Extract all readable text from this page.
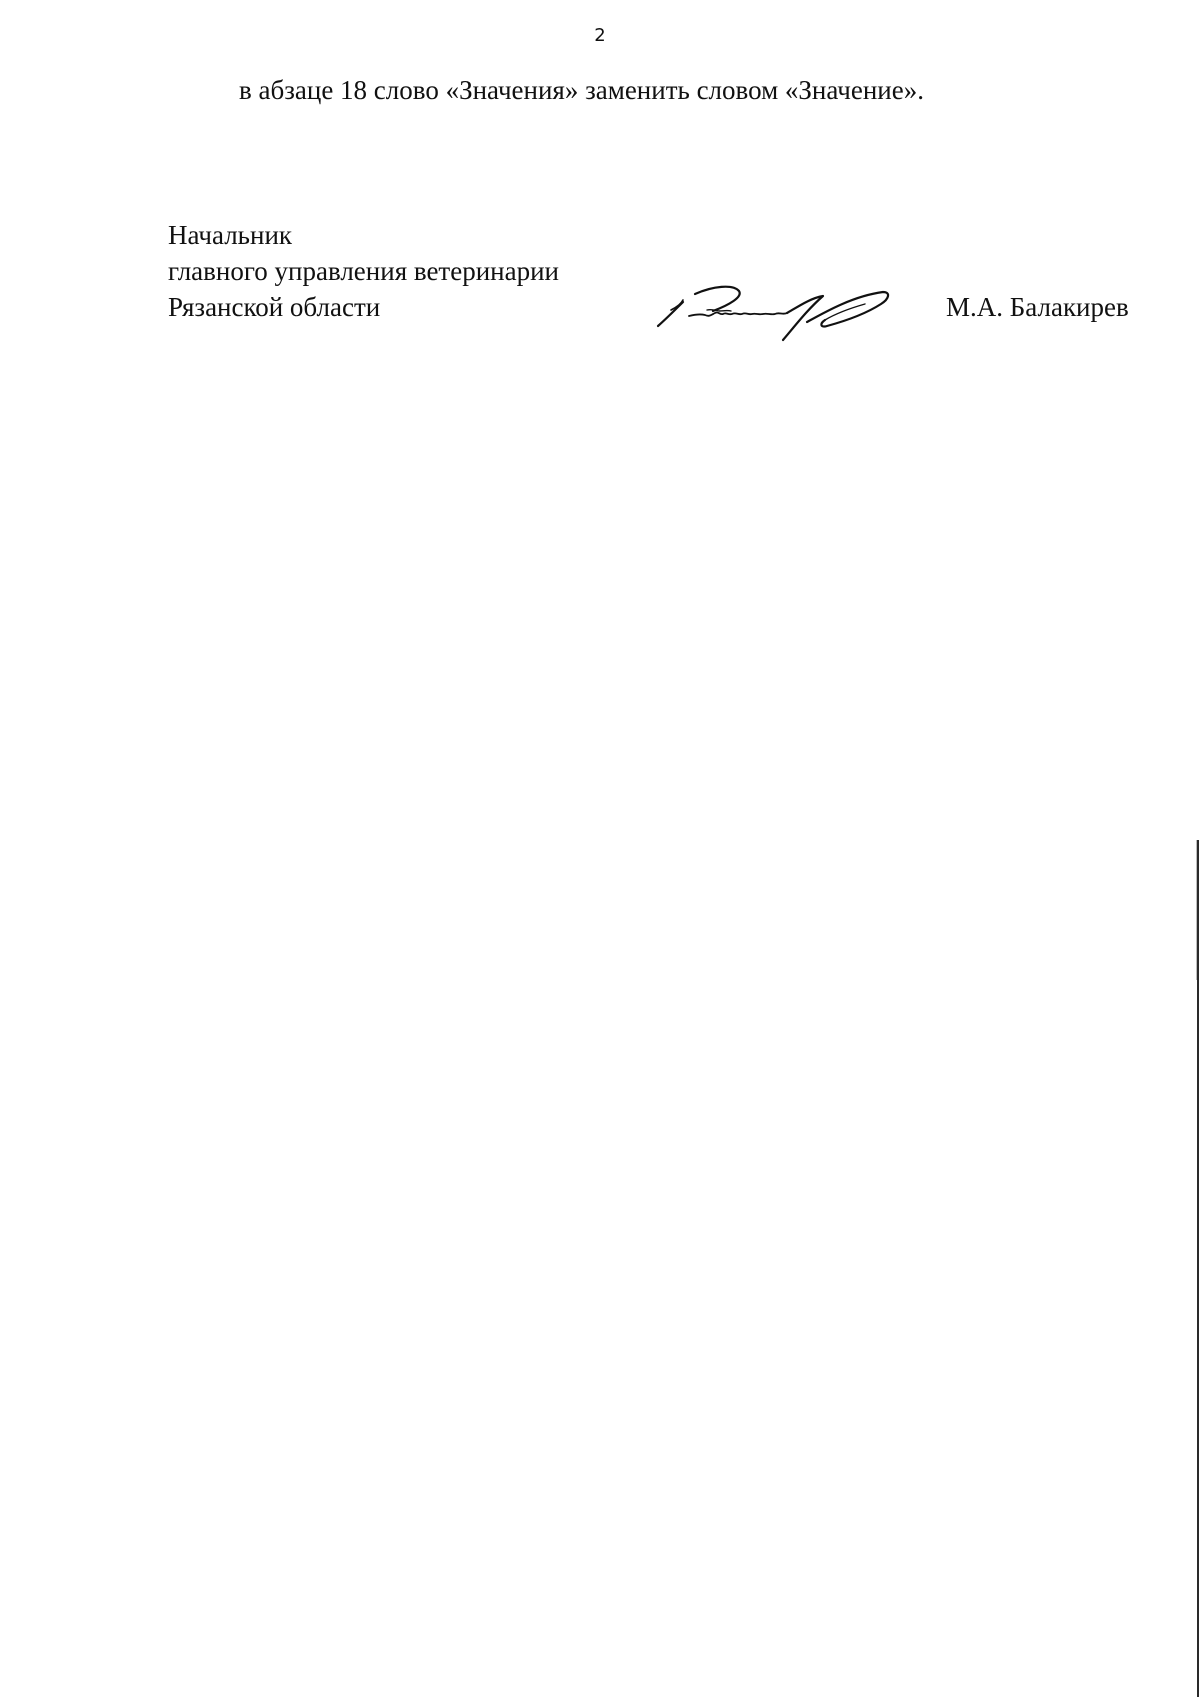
2
в абзаце 18 слово «Значения» заменить словом «Значение».
Начальник
главного управления ветеринарии
Рязанской области	М.А. Балакирев
